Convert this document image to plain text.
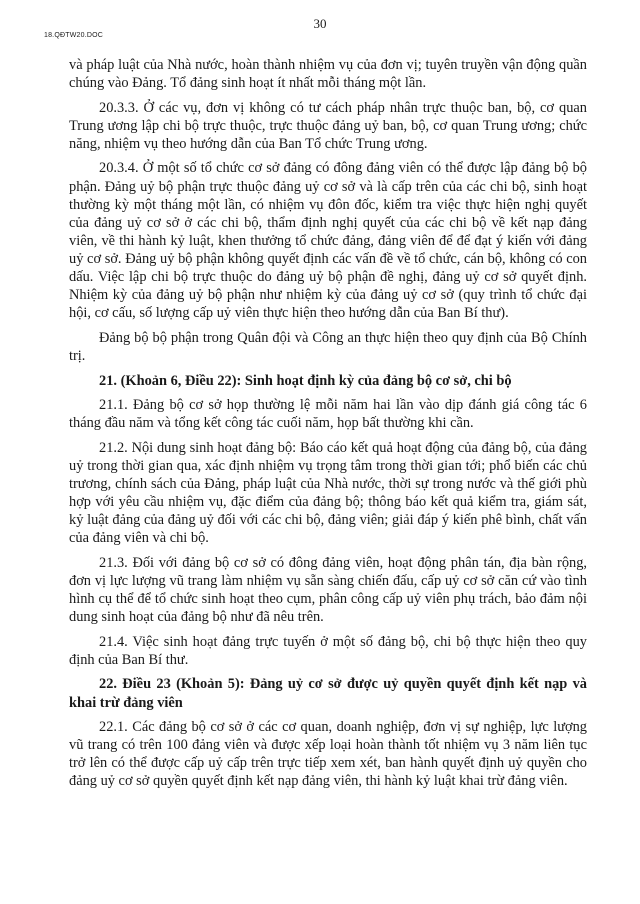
30
18.QĐTW20.DOC

và pháp luật của Nhà nước, hoàn thành nhiệm vụ của đơn vị; tuyên truyền vận động quần chúng vào Đảng. Tổ đảng sinh hoạt ít nhất mỗi tháng một lần.

20.3.3. Ở các vụ, đơn vị không có tư cách pháp nhân trực thuộc ban, bộ, cơ quan Trung ương lập chi bộ trực thuộc, trực thuộc đảng uỷ ban, bộ, cơ quan Trung ương; chức năng, nhiệm vụ theo hướng dẫn của Ban Tổ chức Trung ương.

20.3.4. Ở một số tổ chức cơ sở đảng có đông đảng viên có thể được lập đảng bộ bộ phận. Đảng uỷ bộ phận trực thuộc đảng uỷ cơ sở và là cấp trên của các chi bộ, sinh hoạt thường kỳ một tháng một lần, có nhiệm vụ đôn đốc, kiểm tra việc thực hiện nghị quyết của đảng uỷ cơ sở ở các chi bộ, thẩm định nghị quyết của các chi bộ về kết nạp đảng viên, về thi hành kỷ luật, khen thưởng tổ chức đảng, đảng viên để để đạt ý kiến với đảng uỷ cơ sở. Đảng uỷ bộ phận không quyết định các vấn đề về tổ chức, cán bộ, không có con dấu. Việc lập chi bộ trực thuộc do đảng uỷ bộ phận đề nghị, đảng uỷ cơ sở quyết định. Nhiệm kỳ của đảng uỷ bộ phận như nhiệm kỳ của đảng uỷ cơ sở (quy trình tổ chức đại hội, cơ cấu, số lượng cấp uỷ viên thực hiện theo hướng dẫn của Ban Bí thư).

Đảng bộ bộ phận trong Quân đội và Công an thực hiện theo quy định của Bộ Chính trị.

21. (Khoản 6, Điều 22): Sinh hoạt định kỳ của đảng bộ cơ sở, chi bộ

21.1. Đảng bộ cơ sở họp thường lệ mỗi năm hai lần vào dịp đánh giá công tác 6 tháng đầu năm và tổng kết công tác cuối năm, họp bất thường khi cần.

21.2. Nội dung sinh hoạt đảng bộ: Báo cáo kết quả hoạt động của đảng bộ, của đảng uỷ trong thời gian qua, xác định nhiệm vụ trọng tâm trong thời gian tới; phổ biến các chủ trương, chính sách của Đảng, pháp luật của Nhà nước, thời sự trong nước và thế giới phù hợp với yêu cầu nhiệm vụ, đặc điểm của đảng bộ; thông báo kết quả kiểm tra, giám sát, kỷ luật đảng của đảng uỷ đối với các chi bộ, đảng viên; giải đáp ý kiến phê bình, chất vấn của đảng viên và chi bộ.

21.3. Đối với đảng bộ cơ sở có đông đảng viên, hoạt động phân tán, địa bàn rộng, đơn vị lực lượng vũ trang làm nhiệm vụ sẵn sàng chiến đấu, cấp uỷ cơ sở căn cứ vào tình hình cụ thể để tổ chức sinh hoạt theo cụm, phân công cấp uỷ viên phụ trách, bảo đảm nội dung sinh hoạt của đảng bộ như đã nêu trên.

21.4. Việc sinh hoạt đảng trực tuyến ở một số đảng bộ, chi bộ thực hiện theo quy định của Ban Bí thư.

22. Điều 23 (Khoản 5): Đảng uỷ cơ sở được uỷ quyền quyết định kết nạp và khai trừ đảng viên

22.1. Các đảng bộ cơ sở ở các cơ quan, doanh nghiệp, đơn vị sự nghiệp, lực lượng vũ trang có trên 100 đảng viên và được xếp loại hoàn thành tốt nhiệm vụ 3 năm liên tục trở lên có thể được cấp uỷ cấp trên trực tiếp xem xét, ban hành quyết định uỷ quyền cho đảng uỷ cơ sở quyền quyết định kết nạp đảng viên, thi hành kỷ luật khai trừ đảng viên.
